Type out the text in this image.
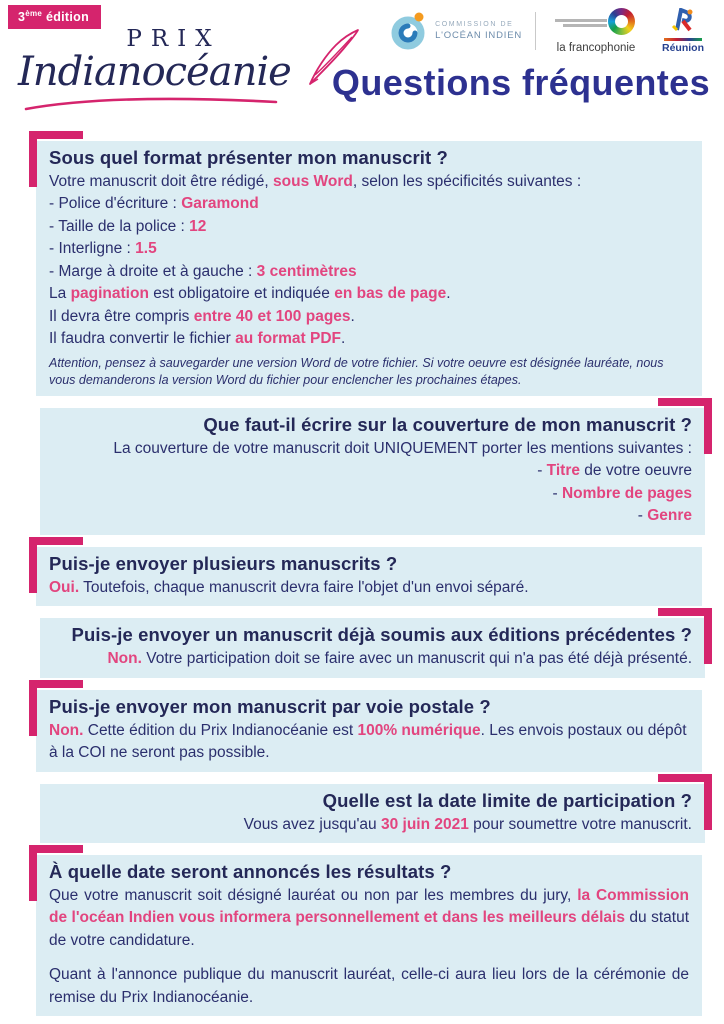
3ème édition
PRIX
Indianocéanie
COMMISSION DE
L'OCÉAN INDIEN
la francophonie	Réunion
Questions fréquentes
Sous quel format présenter mon manuscrit ?

Votre manuscrit doit être rédigé, sous Word, selon les spécificités suivantes :

- Police d'écriture : Garamond

- Taille de la police : 12

- Interligne : 1.5

- Marge à droite et à gauche : 3 centimètres

La pagination est obligatoire et indiquée en bas de page.

Il devra être compris entre 40 et 100 pages.

Il faudra convertir le fichier au format PDF.

Attention, pensez à sauvegarder une version Word de votre fichier. Si votre oeuvre est désignée lauréate, nous vous demanderons la version Word du fichier pour enclencher les prochaines étapes.

Que faut-il écrire sur la couverture de mon manuscrit ?

La couverture de votre manuscrit doit UNIQUEMENT porter les mentions suivantes :

- Titre de votre oeuvre

- Nombre de pages

- Genre

Puis-je envoyer plusieurs manuscrits ?

Oui. Toutefois, chaque manuscrit devra faire l'objet d'un envoi séparé.

Puis-je envoyer un manuscrit déjà soumis aux éditions précédentes ?

Non. Votre participation doit se faire avec un manuscrit qui n'a pas été déjà présenté.

Puis-je envoyer mon manuscrit par voie postale ?

Non. Cette édition du Prix Indianocéanie est 100% numérique. Les envois postaux ou dépôt à la COI ne seront pas possible.

Quelle est la date limite de participation ?

Vous avez jusqu'au 30 juin 2021 pour soumettre votre manuscrit.

À quelle date seront annoncés les résultats ?

Que votre manuscrit soit désigné lauréat ou non par les membres du jury, la Commission de l'océan Indien vous informera personnellement et dans les meilleurs délais du statut de votre candidature.

Quant à l'annonce publique du manuscrit lauréat, celle-ci aura lieu lors de la cérémonie de remise du Prix Indianocéanie.
